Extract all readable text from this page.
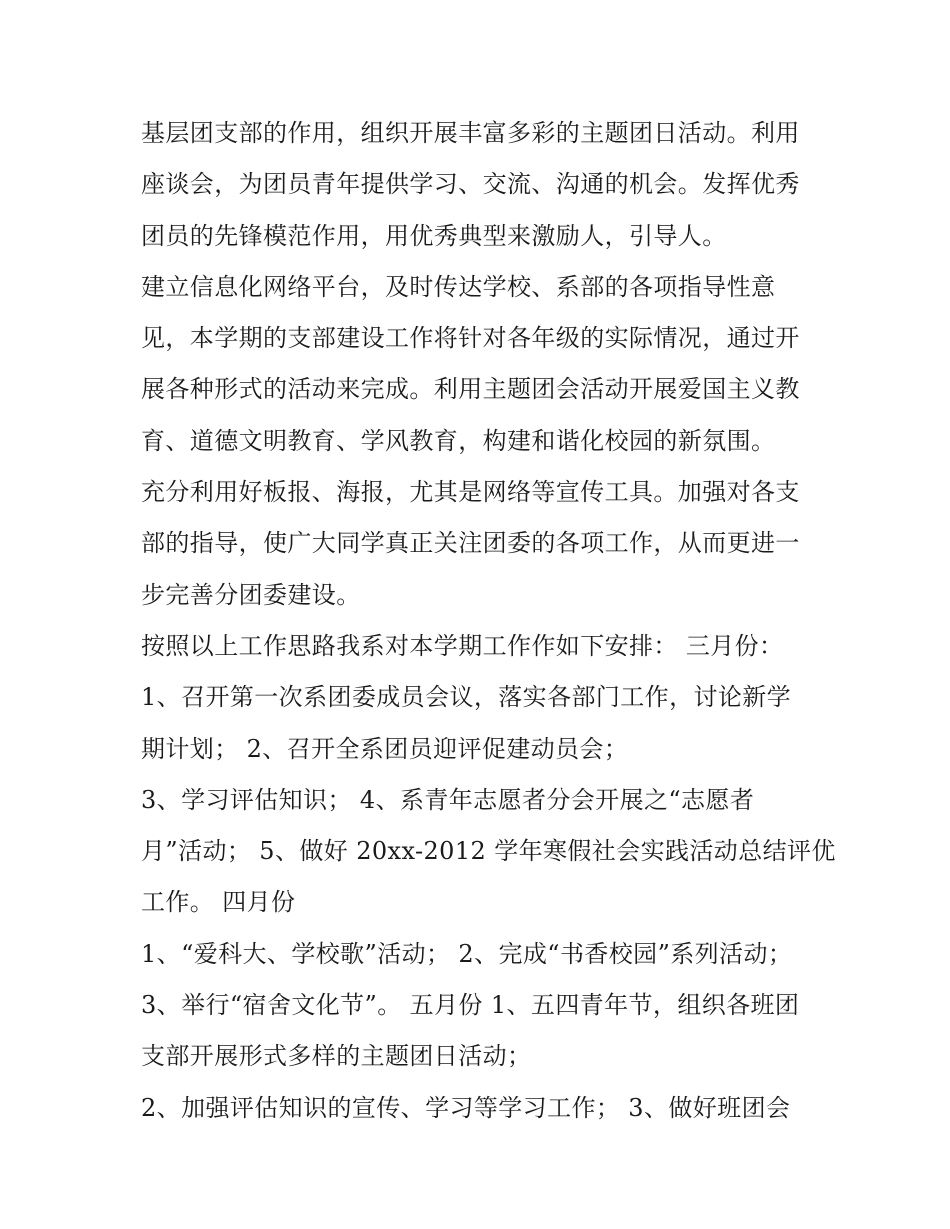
基层团支部的作用，组织开展丰富多彩的主题团日活动。利用
座谈会，为团员青年提供学习、交流、沟通的机会。发挥优秀
团员的先锋模范作用，用优秀典型来激励人，引导人。
建立信息化网络平台，及时传达学校、系部的各项指导性意
见，本学期的支部建设工作将针对各年级的实际情况，通过开
展各种形式的活动来完成。利用主题团会活动开展爱国主义教
育、道德文明教育、学风教育，构建和谐化校园的新氛围。
充分利用好板报、海报，尤其是网络等宣传工具。加强对各支
部的指导，使广大同学真正关注团委的各项工作，从而更进一
步完善分团委建设。
按照以上工作思路我系对本学期工作作如下安排： 三月份：
1、召开第一次系团委成员会议，落实各部门工作，讨论新学
期计划； 2、召开全系团员迎评促建动员会；
3、学习评估知识； 4、系青年志愿者分会开展之“志愿者
月”活动； 5、做好 20xx-2012 学年寒假社会实践活动总结评优
工作。 四月份
1、“爱科大、学校歌”活动； 2、完成“书香校园”系列活动；
3、举行“宿舍文化节”。 五月份 1、五四青年节，组织各班团
支部开展形式多样的主题团日活动；
2、加强评估知识的宣传、学习等学习工作； 3、做好班团会
